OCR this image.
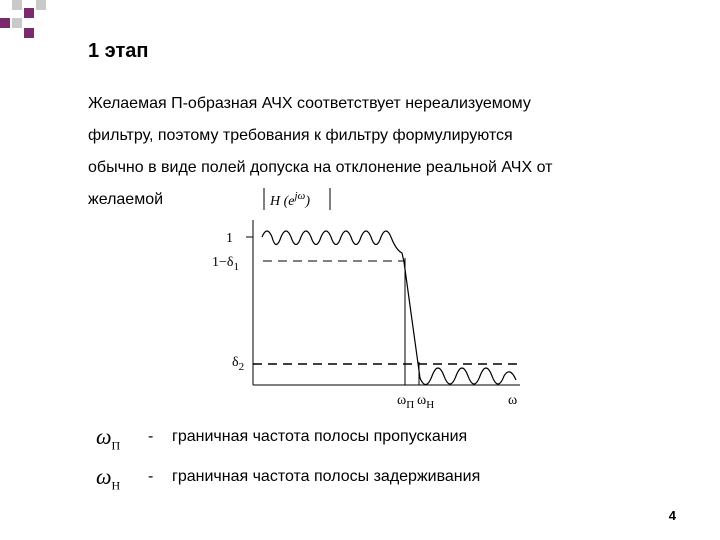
1 этап
Желаемая П-образная АЧХ соответствует нереализуемому
фильтру, поэтому требования к фильтру формулируются
обычно в виде полей допуска на отклонение реальной АЧХ от
желаемой	H $(e^{j\omega})$
1
$1-\delta_1$
$\delta_2$
$\omega_П$ $\omega_Н$	ω
$\omega_П$
- граничная частота полосы пропускания
$\omega_Н$
- граничная частота полосы задерживания
4
